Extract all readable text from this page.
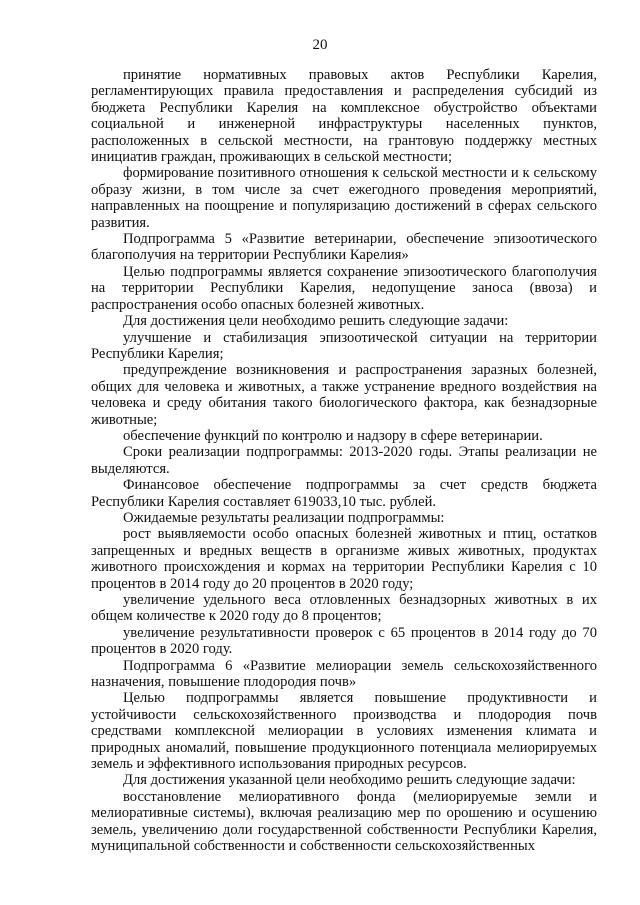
20

принятие нормативных правовых актов Республики Карелия, регламентирующих правила предоставления и распределения субсидий из бюджета Республики Карелия на комплексное обустройство объектами социальной и инженерной инфраструктуры населенных пунктов, расположенных в сельской местности, на грантовую поддержку местных инициатив граждан, проживающих в сельской местности;

формирование позитивного отношения к сельской местности и к сельскому образу жизни, в том числе за счет ежегодного проведения мероприятий, направленных на поощрение и популяризацию достижений в сферах сельского развития.

Подпрограмма 5 «Развитие ветеринарии, обеспечение эпизоотического благополучия на территории Республики Карелия»

Целью подпрограммы является сохранение эпизоотического благополучия на территории Республики Карелия, недопущение заноса (ввоза) и распространения особо опасных болезней животных.

Для достижения цели необходимо решить следующие задачи:

улучшение и стабилизация эпизоотической ситуации на территории Республики Карелия;

предупреждение возникновения и распространения заразных болезней, общих для человека и животных, а также устранение вредного воздействия на человека и среду обитания такого биологического фактора, как безнадзорные животные;

обеспечение функций по контролю и надзору в сфере ветеринарии.

Сроки реализации подпрограммы: 2013-2020 годы. Этапы реализации не выделяются.

Финансовое обеспечение подпрограммы за счет средств бюджета Республики Карелия составляет 619033,10 тыс. рублей.

Ожидаемые результаты реализации подпрограммы:

рост выявляемости особо опасных болезней животных и птиц, остатков запрещенных и вредных веществ в организме живых животных, продуктах животного происхождения и кормах на территории Республики Карелия с 10 процентов в 2014 году до 20 процентов в 2020 году;

увеличение удельного веса отловленных безнадзорных животных в их общем количестве к 2020 году до 8 процентов;

увеличение результативности проверок с 65 процентов в 2014 году до 70 процентов в 2020 году.

Подпрограмма 6 «Развитие мелиорации земель сельскохозяйственного назначения, повышение плодородия почв»

Целью подпрограммы является повышение продуктивности и устойчивости сельскохозяйственного производства и плодородия почв средствами комплексной мелиорации в условиях изменения климата и природных аномалий, повышение продукционного потенциала мелиорируемых земель и эффективного использования природных ресурсов.

Для достижения указанной цели необходимо решить следующие задачи:

восстановление мелиоративного фонда (мелиорируемые земли и мелиоративные системы), включая реализацию мер по орошению и осушению земель, увеличению доли государственной собственности Республики Карелия, муниципальной собственности и собственности сельскохозяйственных
